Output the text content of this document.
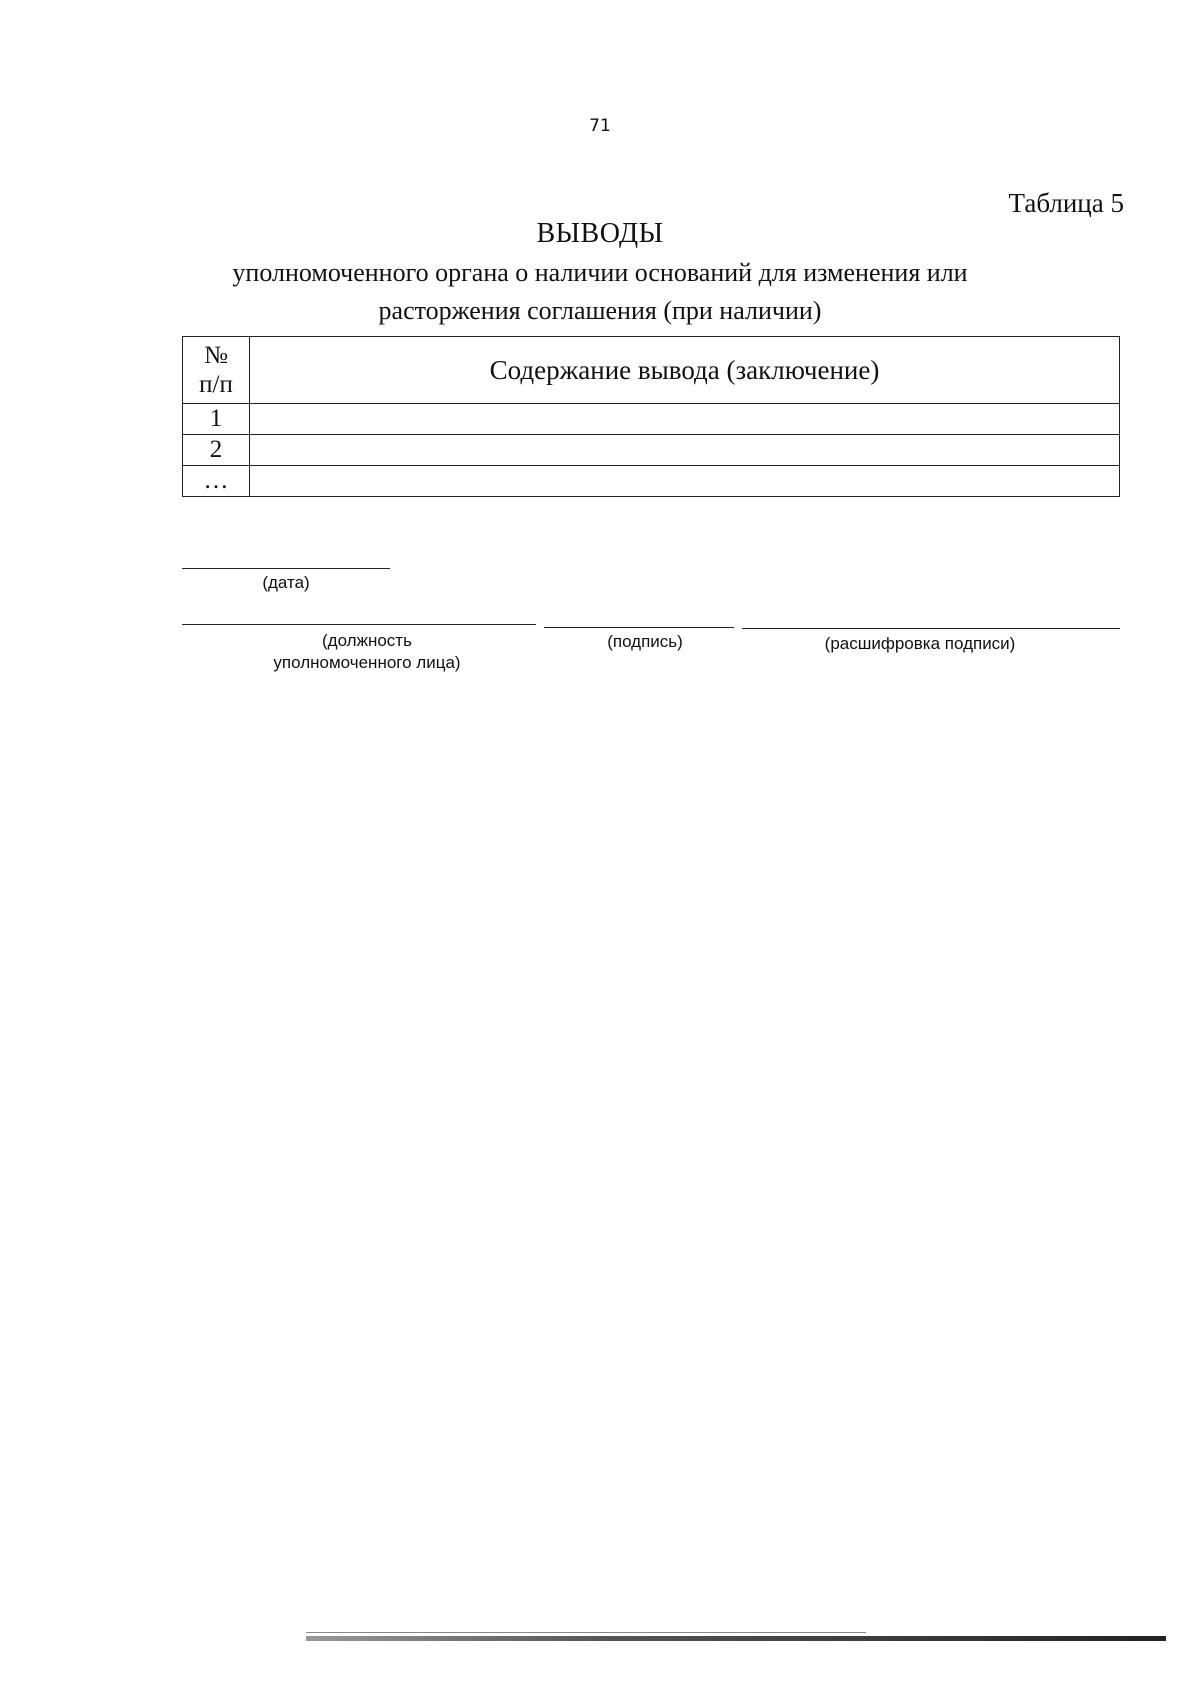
71
Таблица 5
ВЫВОДЫ
уполномоченного органа о наличии оснований для изменения или
расторжения соглашения (при наличии)
№
п/п	Содержание вывода (заключение)
1	
2	
…	
(дата)
(должность
уполномоченного лица)
(подпись)	(расшифровка подписи)
